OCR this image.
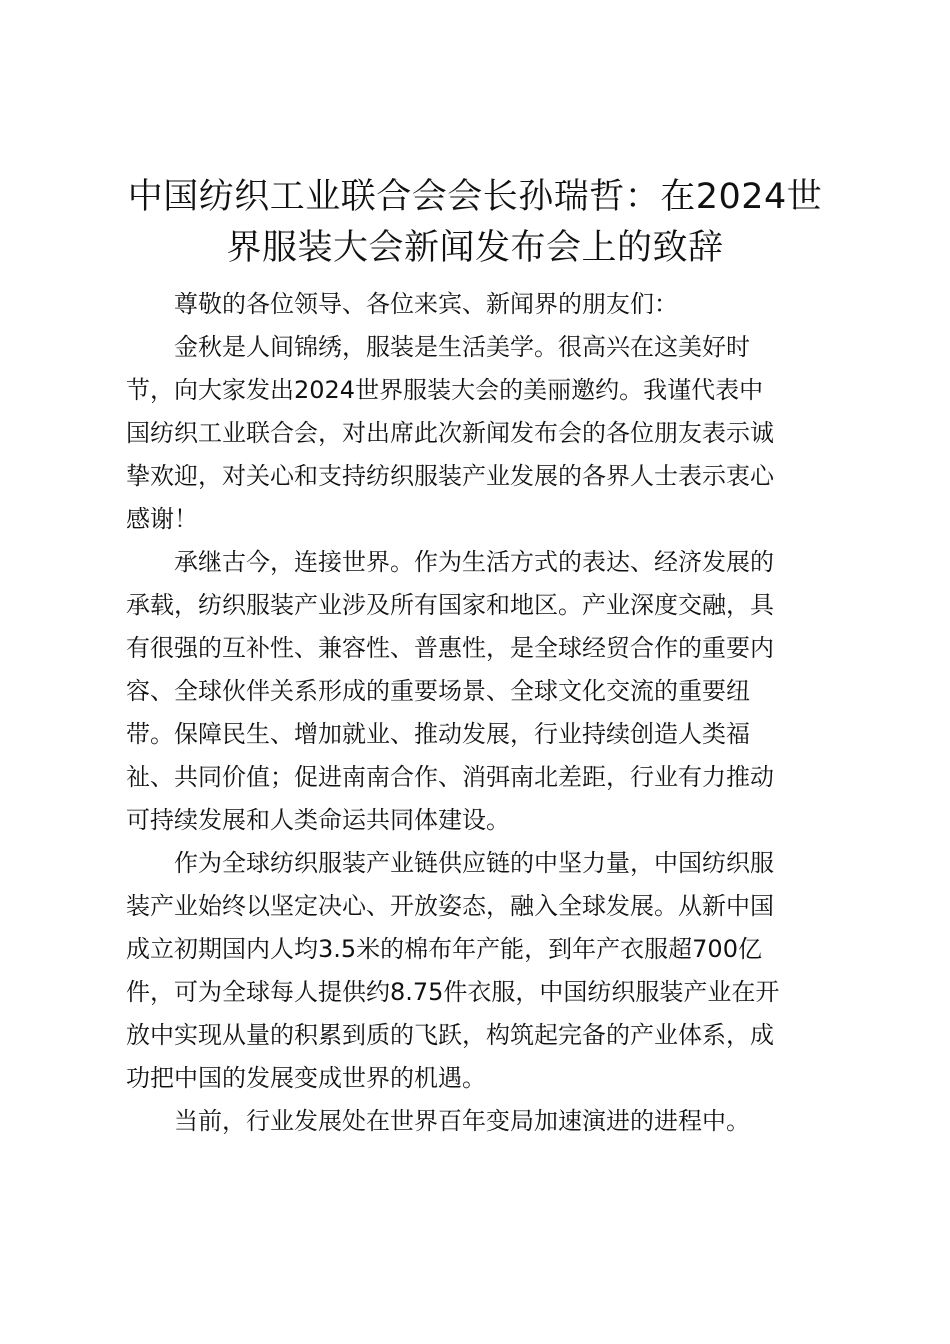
中国纺织工业联合会会长孙瑞哲：在2024世
界服装大会新闻发布会上的致辞

尊敬的各位领导、各位来宾、新闻界的朋友们：

金秋是人间锦绣，服装是生活美学。很高兴在这美好时
节，向大家发出2024世界服装大会的美丽邀约。我谨代表中
国纺织工业联合会，对出席此次新闻发布会的各位朋友表示诚
挚欢迎，对关心和支持纺织服装产业发展的各界人士表示衷心
感谢！

承继古今，连接世界。作为生活方式的表达、经济发展的
承载，纺织服装产业涉及所有国家和地区。产业深度交融，具
有很强的互补性、兼容性、普惠性，是全球经贸合作的重要内
容、全球伙伴关系形成的重要场景、全球文化交流的重要纽
带。保障民生、增加就业、推动发展，行业持续创造人类福
祉、共同价值；促进南南合作、消弭南北差距，行业有力推动
可持续发展和人类命运共同体建设。

作为全球纺织服装产业链供应链的中坚力量，中国纺织服
装产业始终以坚定决心、开放姿态，融入全球发展。从新中国
成立初期国内人均3.5米的棉布年产能，到年产衣服超700亿
件，可为全球每人提供约8.75件衣服，中国纺织服装产业在开
放中实现从量的积累到质的飞跃，构筑起完备的产业体系，成
功把中国的发展变成世界的机遇。

当前，行业发展处在世界百年变局加速演进的进程中。
